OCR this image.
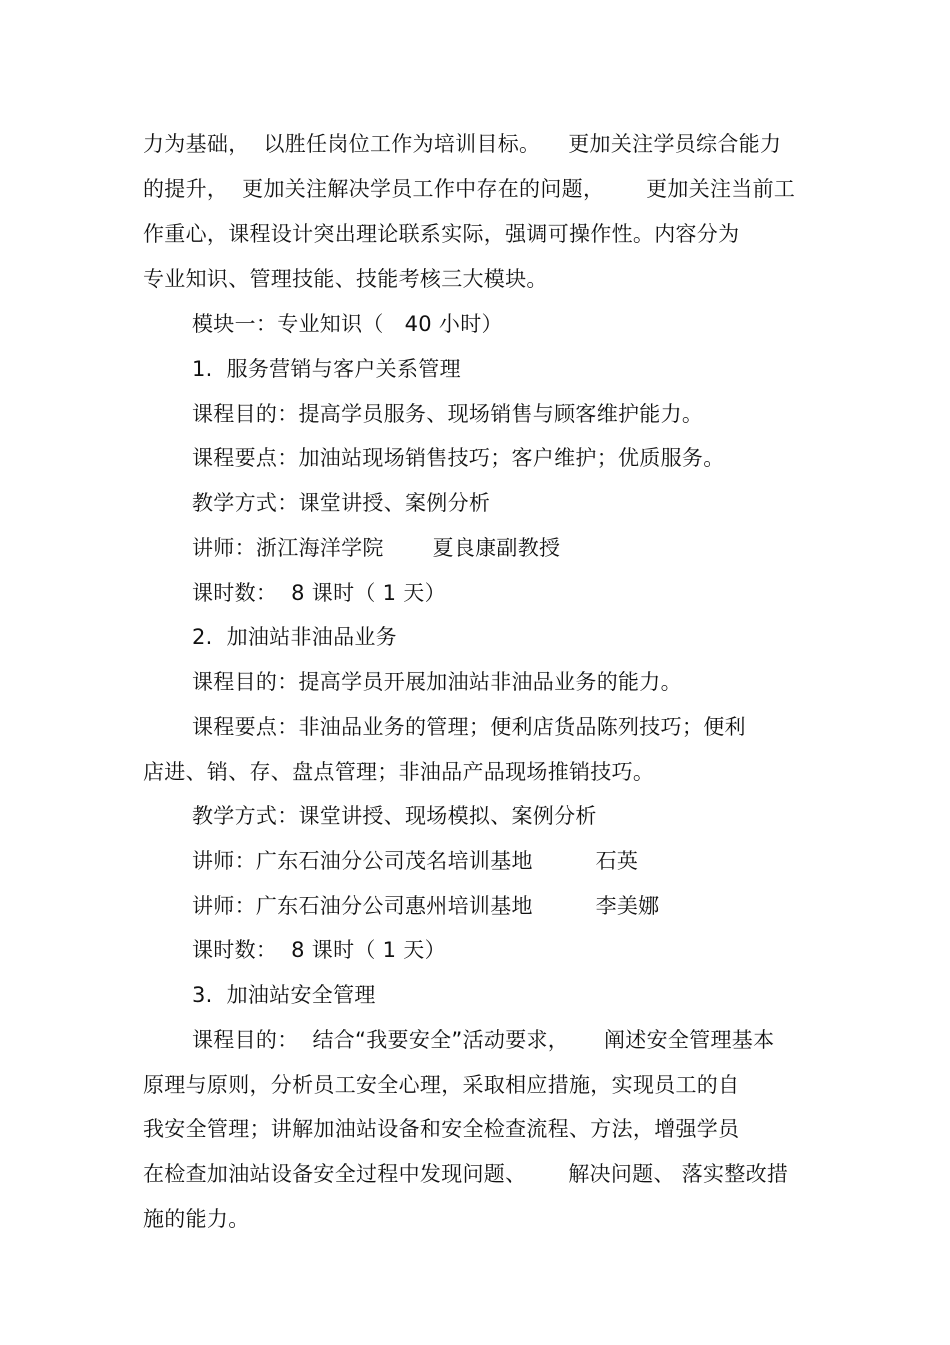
力为基础，  以胜任岗位工作为培训目标。    更加关注学员综合能力
的提升，  更加关注解决学员工作中存在的问题，      更加关注当前工
作重心，课程设计突出理论联系实际，强调可操作性。内容分为
专业知识、管理技能、技能考核三大模块。
模块一：专业知识（   40 小时）
1.  服务营销与客户关系管理
课程目的：提高学员服务、现场销售与顾客维护能力。
课程要点：加油站现场销售技巧；客户维护；优质服务。
教学方式：课堂讲授、案例分析
讲师：浙江海洋学院       夏良康副教授
课时数：  8 课时（ 1 天）
2.  加油站非油品业务
课程目的：提高学员开展加油站非油品业务的能力。
课程要点：非油品业务的管理；便利店货品陈列技巧；便利
店进、销、存、盘点管理；非油品产品现场推销技巧。
教学方式：课堂讲授、现场模拟、案例分析
讲师：广东石油分公司茂名培训基地         石英
讲师：广东石油分公司惠州培训基地         李美娜
课时数：  8 课时（ 1 天）
3.  加油站安全管理
课程目的：  结合“我要安全”活动要求，     阐述安全管理基本
原理与原则，分析员工安全心理，采取相应措施，实现员工的自
我安全管理；讲解加油站设备和安全检查流程、方法，增强学员
在检查加油站设备安全过程中发现问题、      解决问题、 落实整改措
施的能力。
